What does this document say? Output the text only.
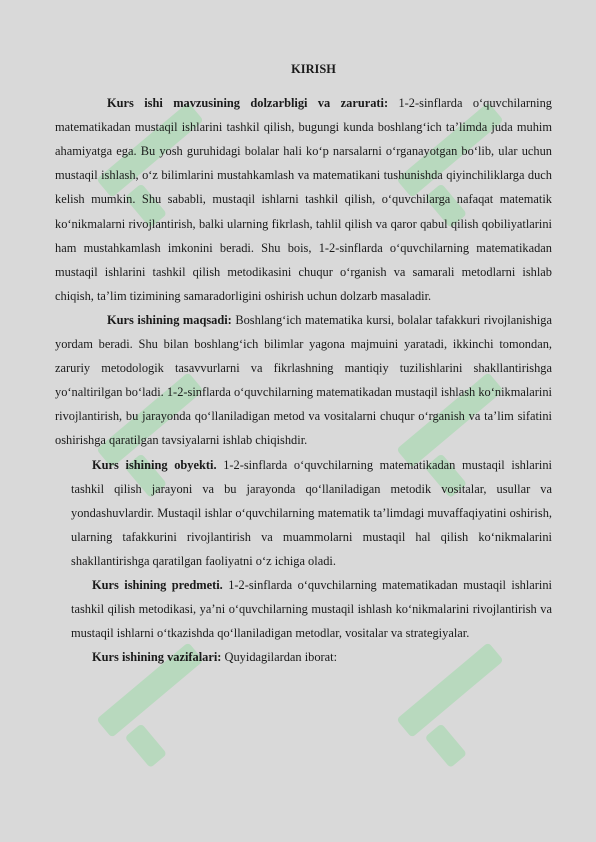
KIRISH

Kurs ishi mavzusining dolzarbligi va zarurati: 1-2-sinflarda o‘quvchilarning matematikadan mustaqil ishlarini tashkil qilish, bugungi kunda boshlang‘ich ta’limda juda muhim ahamiyatga ega. Bu yosh guruhidagi bolalar hali ko‘p narsalarni o‘rganayotgan bo‘lib, ular uchun mustaqil ishlash, o‘z bilimlarini mustahkamlash va matematikani tushunishda qiyinchiliklarga duch kelish mumkin. Shu sababli, mustaqil ishlarni tashkil qilish, o‘quvchilarga nafaqat matematik ko‘nikmalarni rivojlantirish, balki ularning fikrlash, tahlil qilish va qaror qabul qilish qobiliyatlarini ham mustahkamlash imkonini beradi. Shu bois, 1-2-sinflarda o‘quvchilarning matematikadan mustaqil ishlarini tashkil qilish metodikasini chuqur o‘rganish va samarali metodlarni ishlab chiqish, ta’lim tizimining samaradorligini oshirish uchun dolzarb masaladir.

Kurs ishining maqsadi: Boshlang‘ich matematika kursi, bolalar tafakkuri rivojlanishiga yordam beradi. Shu bilan boshlang‘ich bilimlar yagona majmuini yaratadi, ikkinchi tomondan, zaruriy metodologik tasavvurlarni va fikrlashning mantiqiy tuzilishlarini shakllantirishga yo‘naltirilgan bo‘ladi. 1-2-sinflarda o‘quvchilarning matematikadan mustaqil ishlash ko‘nikmalarini rivojlantirish, bu jarayonda qo‘llaniladigan metod va vositalarni chuqur o‘rganish va ta’lim sifatini oshirishga qaratilgan tavsiyalarni ishlab chiqishdir.

Kurs ishining obyekti. 1-2-sinflarda o‘quvchilarning matematikadan mustaqil ishlarini tashkil qilish jarayoni va bu jarayonda qo‘llaniladigan metodik vositalar, usullar va yondashuvlardir. Mustaqil ishlar o‘quvchilarning matematik ta’limdagi muvaffaqiyatini oshirish, ularning tafakkurini rivojlantirish va muammolarni mustaqil hal qilish ko‘nikmalarini shakllantirishga qaratilgan faoliyatni o‘z ichiga oladi.

Kurs ishining predmeti. 1-2-sinflarda o‘quvchilarning matematikadan mustaqil ishlarini tashkil qilish metodikasi, ya’ni o‘quvchilarning mustaqil ishlash ko‘nikmalarini rivojlantirish va mustaqil ishlarni o‘tkazishda qo‘llaniladigan metodlar, vositalar va strategiyalar.

Kurs ishining vazifalari: Quyidagilardan iborat:
